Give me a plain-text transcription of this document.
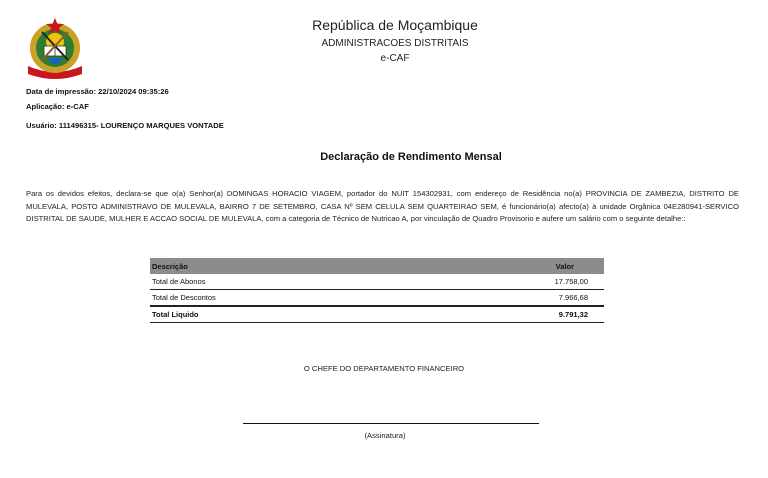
República de Moçambique
ADMINISTRACOES DISTRITAIS
e-CAF
Data de impressão: 22/10/2024 09:35:26
Aplicação: e-CAF
Usuário: 111496315- LOURENÇO MARQUES VONTADE
Declaração de Rendimento Mensal
Para os devidos efeitos, declara-se que o(a) Senhor(a) DOMINGAS HORACIO VIAGEM, portador do NUIT 154302931, com endereço de Residência no(a) PROVINCIA DE ZAMBEZIA, DISTRITO DE MULEVALA, POSTO ADMINISTRAVO DE MULEVALA, BAIRRO 7 DE SETEMBRO, CASA Nº SEM CELULA SEM QUARTEIRAO SEM, é funcionário(a) afecto(a) à unidade Orgânica 04E280941-SERVICO DISTRITAL DE SAUDE, MULHER E ACCAO SOCIAL DE MULEVALA, com a categoria de Técnico de Nutricao A, por vinculação de Quadro Provisorio e aufere um salário com o seguinte detalhe::
Descrição	Valor
Total de Abonos	17.758,00
Total de Descontos	7.966,68
Total Liquido	9.791,32
O CHEFE DO DEPARTAMENTO FINANCEIRO
(Assinatura)
